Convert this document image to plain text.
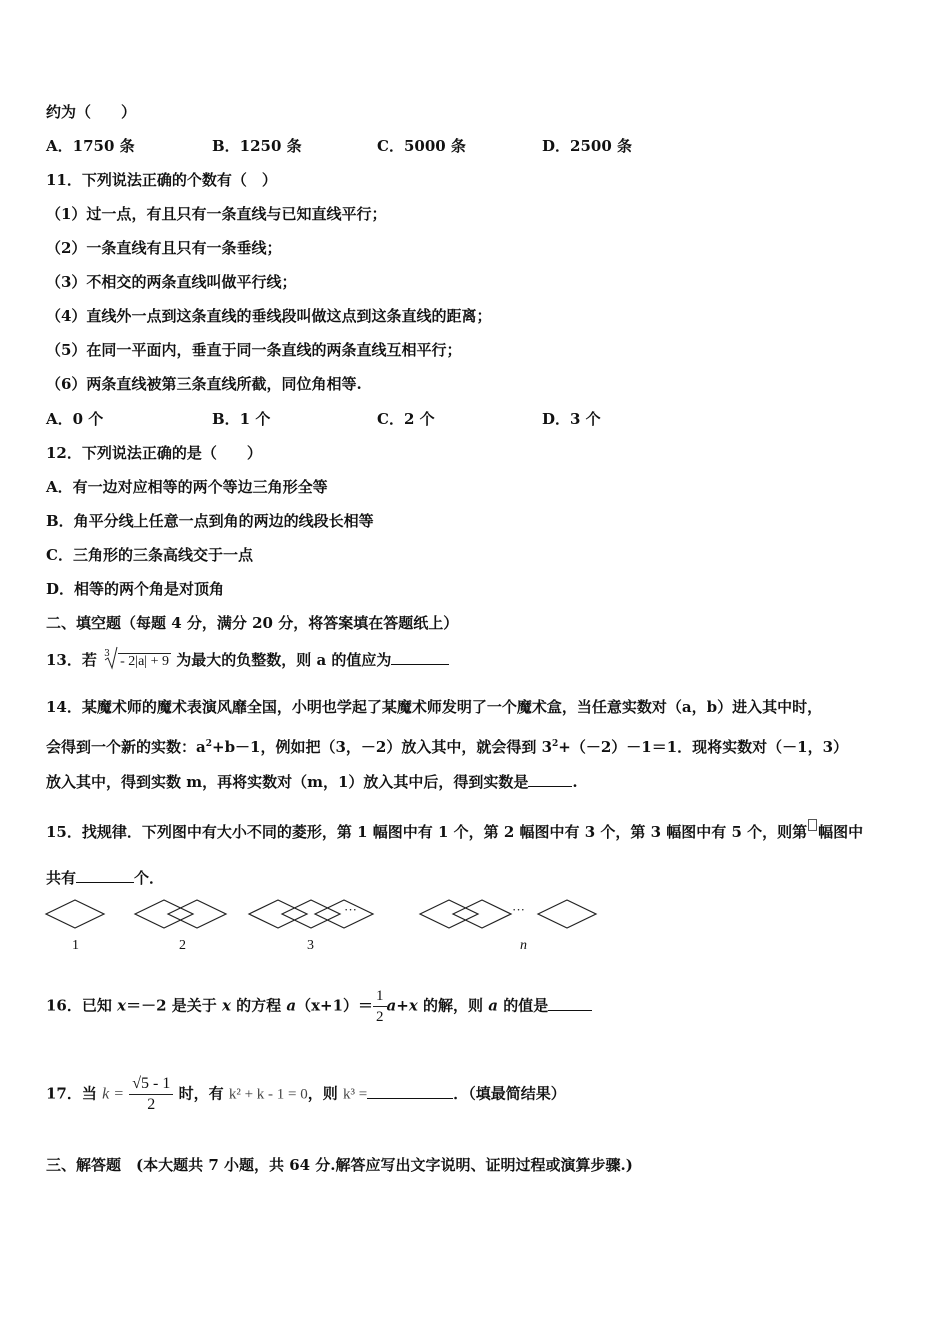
约为（　　）
A．1750 条	B．1250 条	C．5000 条	D．2500 条
11．下列说法正确的个数有（　）
（1）过一点，有且只有一条直线与已知直线平行；
（2）一条直线有且只有一条垂线；
（3）不相交的两条直线叫做平行线；
（4）直线外一点到这条直线的垂线段叫做这点到这条直线的距离；
（5）在同一平面内，垂直于同一条直线的两条直线互相平行；
（6）两条直线被第三条直线所截，同位角相等.
A．0 个	B．1 个	C．2 个	D．3 个
12．下列说法正确的是（　　）
A．有一边对应相等的两个等边三角形全等
B．角平分线上任意一点到角的两边的线段长相等
C．三角形的三条高线交于一点
D．相等的两个角是对顶角
二、填空题（每题 4 分，满分 20 分，将答案填在答题纸上）
13．若 3 - 2|a| + 9 为最大的负整数，则 a 的值应为
14．某魔术师的魔术表演风靡全国，小明也学起了某魔术师发明了一个魔术盒，当任意实数对（a，b）进入其中时，
会得到一个新的实数：$a^2+b-1$，例如把（3，－2）放入其中，就会得到 $3^2+(-2)-1=1$．现将实数对（－1，3）
放入其中，得到实数 m，再将实数对（m，1）放入其中后，得到实数是	.
15．找规律．下列图中有大小不同的菱形，第 1 幅图中有 1 个，第 2 幅图中有 3 个，第 3 幅图中有 5 个，则第 幅图中
共有	个．
···	···
1	2	3	n
16．已知 x＝－2 是关于 x 的方程 $a(x+1)= \frac{1}{2} a+x$ 的解，则 a 的值是
17．当 $k = \frac{√5 - 1}{2}$ 时，有 k² + k - 1 = 0，则 k³ =	．（填最简结果）
三、解答题　(本大题共 7 小题，共 64 分.解答应写出文字说明、证明过程或演算步骤.)
